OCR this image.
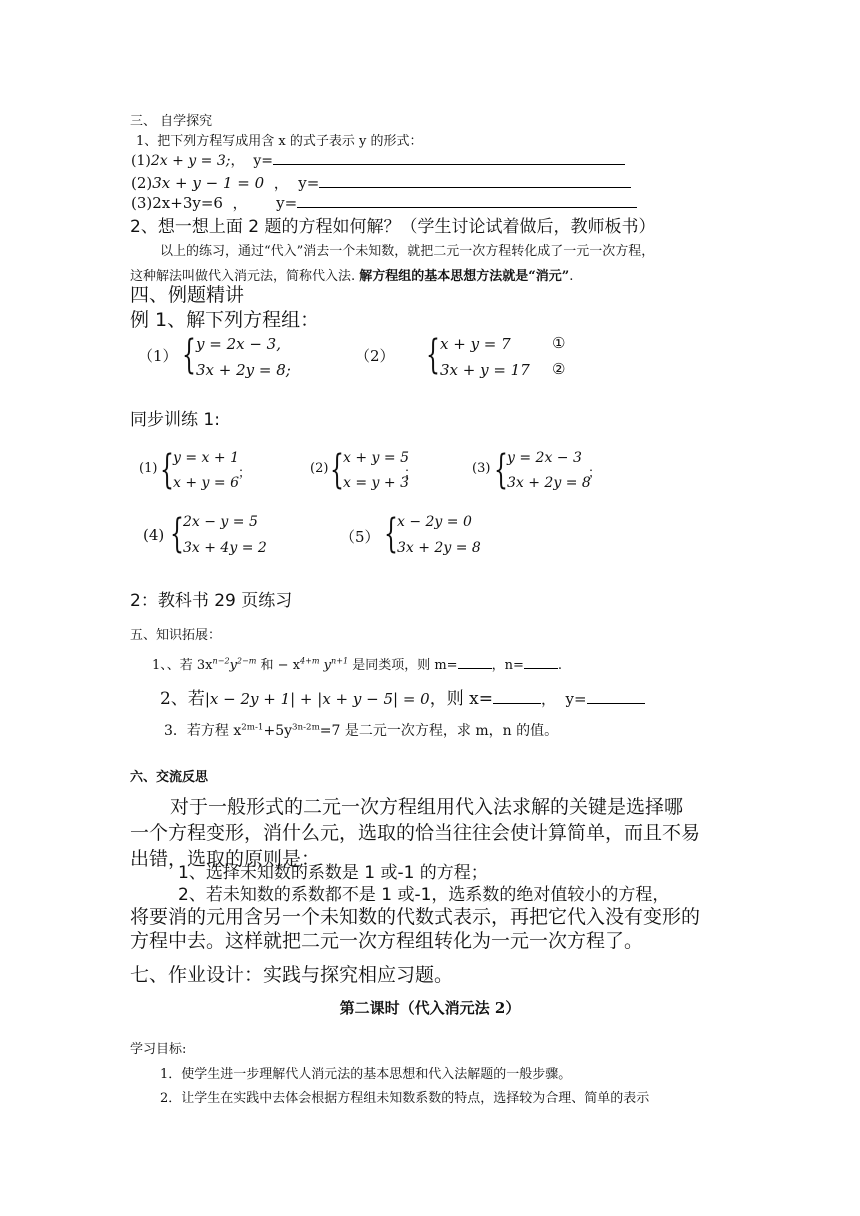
三、 自学探究
1、把下列方程写成用含 x 的式子表示 y 的形式：
(1)2x + y = 3;， y=
(2)3x + y − 1 = 0 ， y=
(3)2x+3y=6 ， y=
2、想一想上面 2 题的方程如何解？（学生讨论试着做后，教师板书）
以上的练习，通过“代入”消去一个未知数，就把二元一次方程转化成了一元一次方程，
这种解法叫做代入消元法，简称代入法. 解方程组的基本思想方法就是“消元”.
四、例题精讲
例 1、解下列方程组：
（1） { y = 2x − 3,
3x + 2y = 8;
（2） { x + y = 7
3x + y = 17
①
②
同步训练 1:
(1) { y = x + 1
x + y = 6
；	(2) { x + y = 5
x = y + 3
；	(3) { y = 2x − 3
3x + 2y = 8
；
(4) { 2x − y = 5
3x + 4y = 2
（5） { x − 2y = 0
3x + 2y = 8
2：教科书 29 页练习
五、知识拓展：
1、、若 $3x^{n-2}y^{2-m}$ 和 − $x^{4+m}$ $y^{n+1}$ 是同类项，则 m=	，n=	.
2、若|x − 2y + 1| + |x + y − 5| = 0，则 x=	， y=
3．若方程 $x^{2m-1}+5y^{3n-2m}=7$ 是二元一次方程，求 m，n 的值。
六、交流反思
对于一般形式的二元一次方程组用代入法求解的关键是选择哪
一个方程变形，消什么元，选取的恰当往往会使计算简单，而且不易
出错，选取的原则是：
1、选择未知数的系数是 1 或-1 的方程；
2、若未知数的系数都不是 1 或-1，选系数的绝对值较小的方程，
将要消的元用含另一个未知数的代数式表示，再把它代入没有变形的
方程中去。这样就把二元一次方程组转化为一元一次方程了。
七、作业设计：实践与探究相应习题。
第二课时（代入消元法 2）
学习目标:
1．使学生进一步理解代人消元法的基本思想和代入法解题的一般步骤。
2．让学生在实践中去体会根据方程组未知数系数的特点，选择较为合理、简单的表示
